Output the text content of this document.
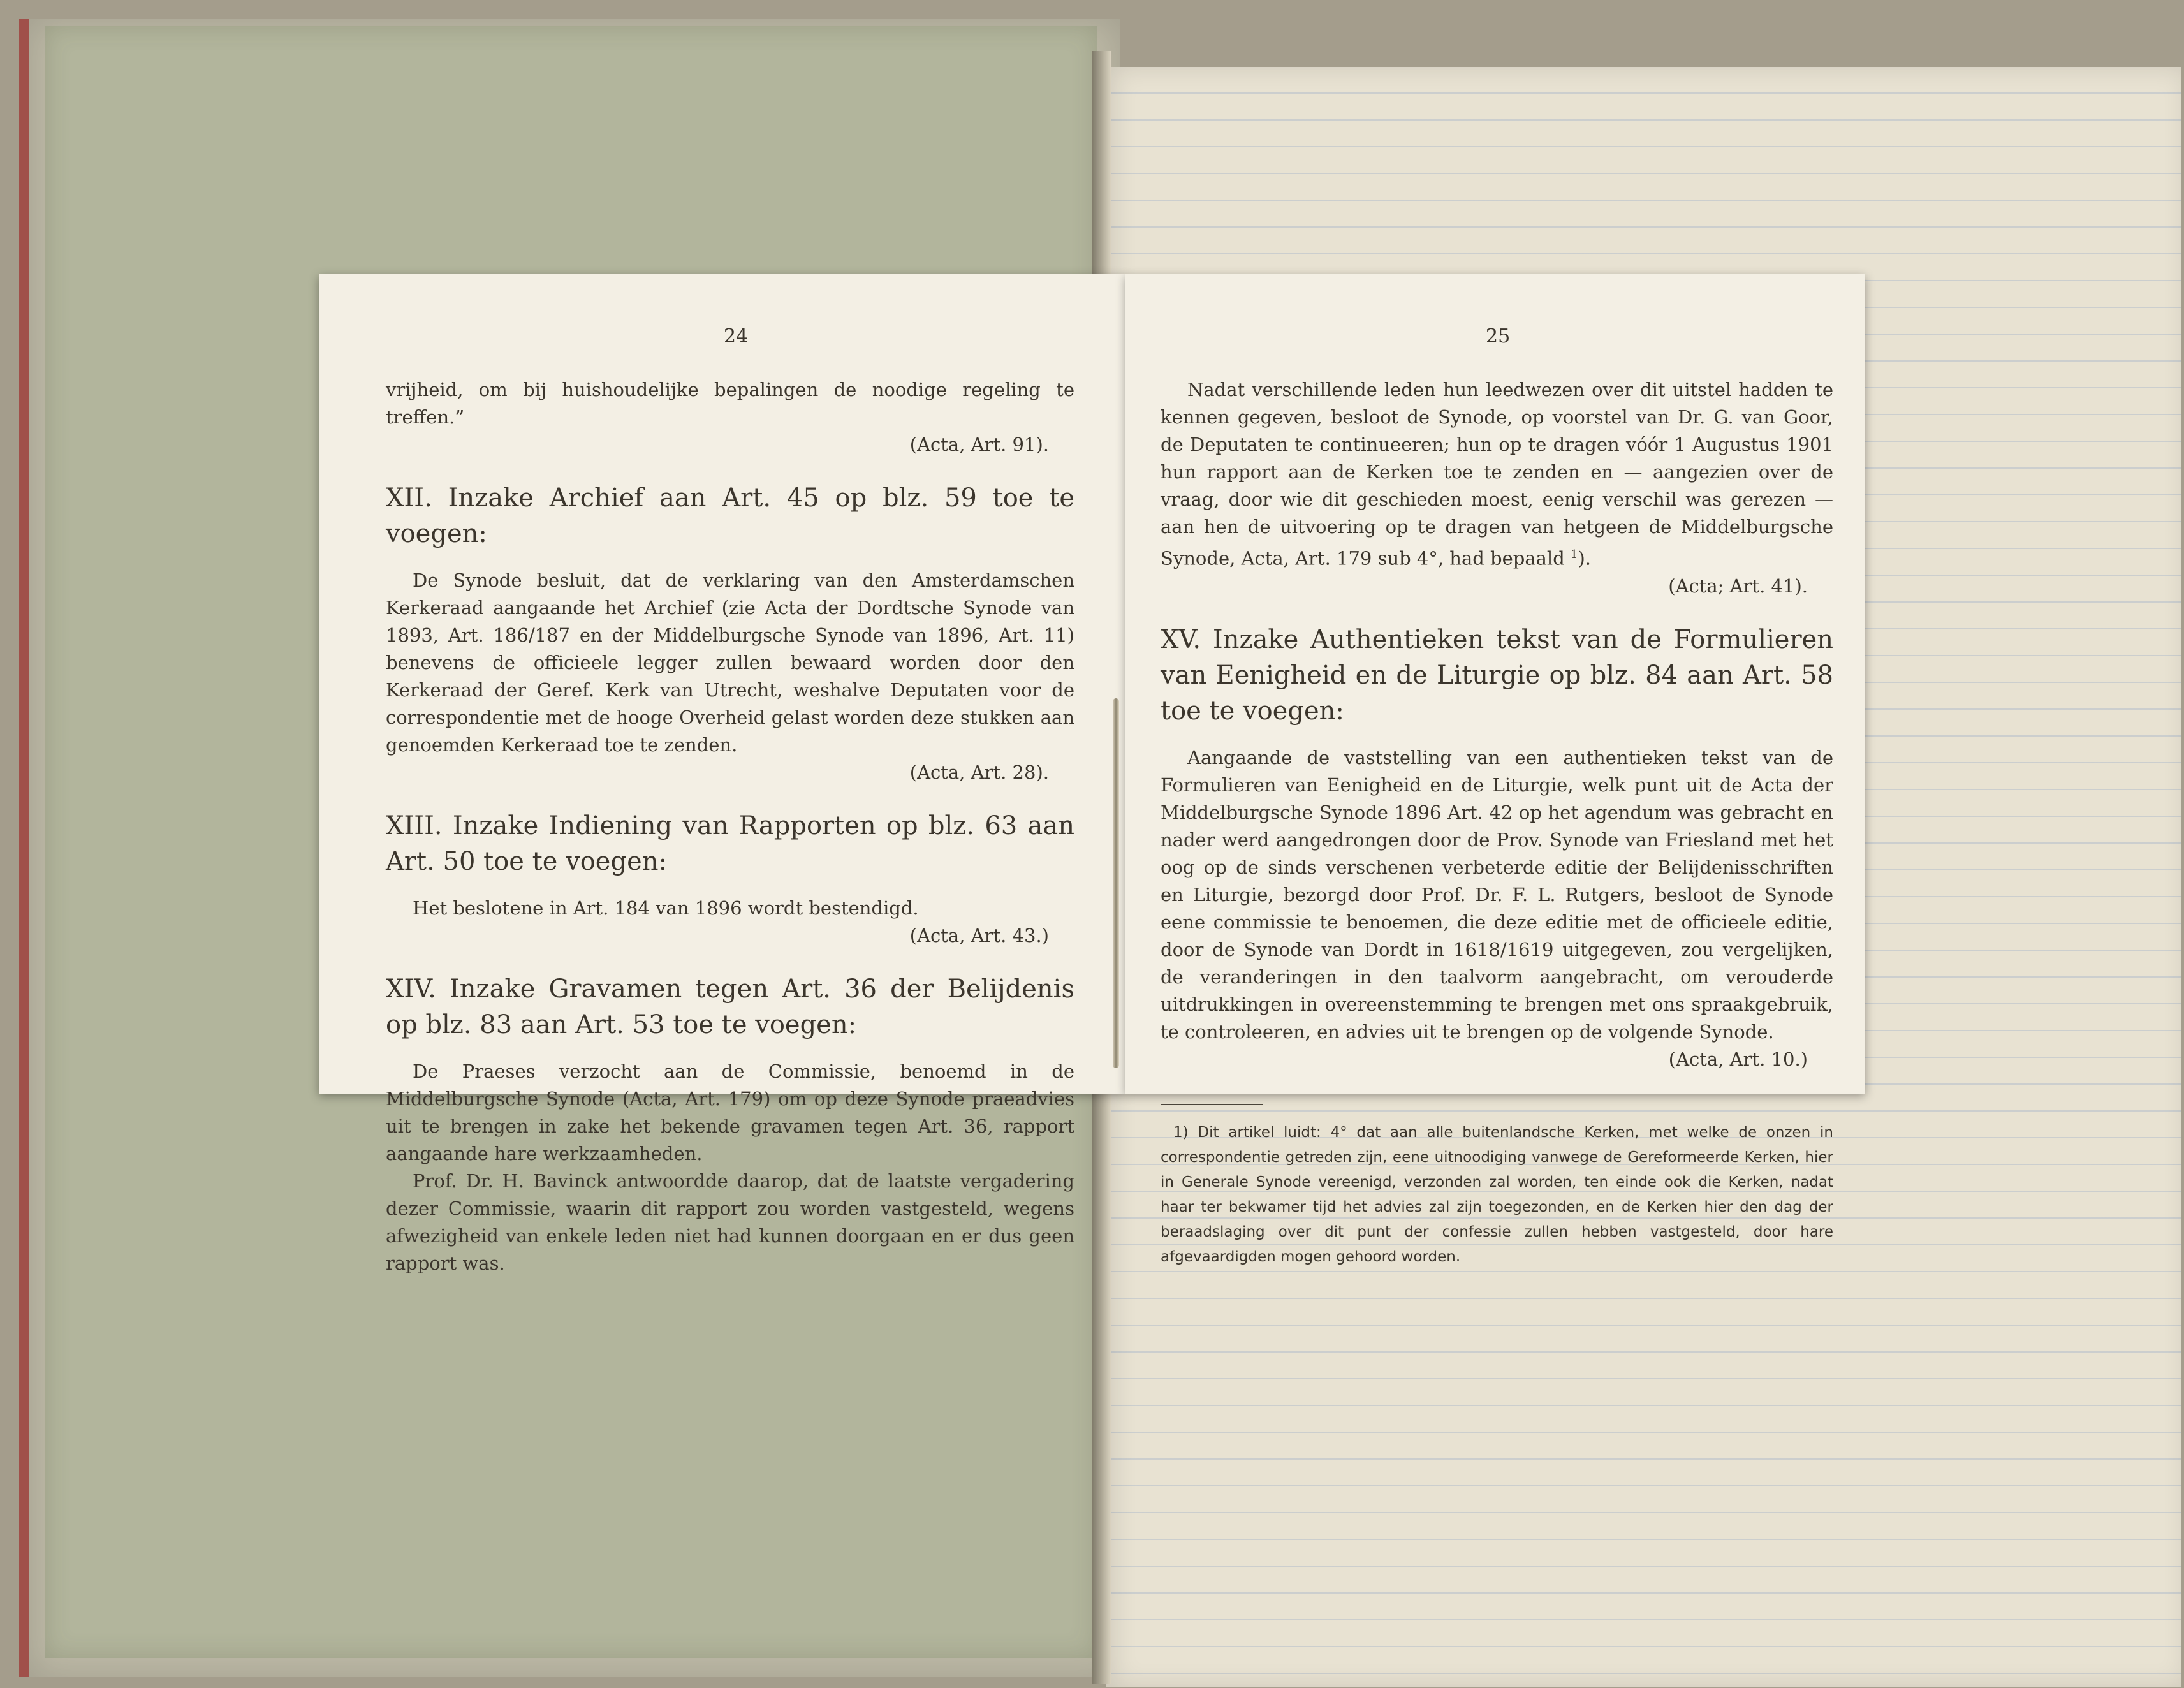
24

vrijheid, om bij huishoudelijke bepalingen de noodige regeling te treffen.”

(Acta, Art. 91).

XII. Inzake Archief aan Art. 45 op blz. 59 toe te voegen:

De Synode besluit, dat de verklaring van den Amsterdamschen Kerkeraad aangaande het Archief (zie Acta der Dordtsche Synode van 1893, Art. 186/187 en der Middelburgsche Synode van 1896, Art. 11) benevens de officieele legger zullen bewaard worden door den Kerkeraad der Geref. Kerk van Utrecht, weshalve Deputaten voor de correspondentie met de hooge Overheid gelast worden deze stukken aan genoemden Kerkeraad toe te zenden.

(Acta, Art. 28).

XIII. Inzake Indiening van Rapporten op blz. 63 aan Art. 50 toe te voegen:

Het beslotene in Art. 184 van 1896 wordt bestendigd.

(Acta, Art. 43.)

XIV. Inzake Gravamen tegen Art. 36 der Belijdenis op blz. 83 aan Art. 53 toe te voegen:

De Praeses verzocht aan de Commissie, benoemd in de Middelburgsche Synode (Acta, Art. 179) om op deze Synode praeadvies uit te brengen in zake het bekende gravamen tegen Art. 36, rapport aangaande hare werkzaamheden.

Prof. Dr. H. Bavinck antwoordde daarop, dat de laatste vergadering dezer Commissie, waarin dit rapport zou worden vastgesteld, wegens afwezigheid van enkele leden niet had kunnen doorgaan en er dus geen rapport was.

25

Nadat verschillende leden hun leedwezen over dit uitstel hadden te kennen gegeven, besloot de Synode, op voorstel van Dr. G. van Goor, de Deputaten te continueeren; hun op te dragen vóór 1 Augustus 1901 hun rapport aan de Kerken toe te zenden en — aangezien over de vraag, door wie dit geschieden moest, eenig verschil was gerezen — aan hen de uitvoering op te dragen van hetgeen de Middelburgsche Synode, Acta, Art. 179 sub 4°, had bepaald $^1$).

(Acta; Art. 41).

XV. Inzake Authentieken tekst van de Formulieren van Eenigheid en de Liturgie op blz. 84 aan Art. 58 toe te voegen:

Aangaande de vaststelling van een authentieken tekst van de Formulieren van Eenigheid en de Liturgie, welk punt uit de Acta der Middelburgsche Synode 1896 Art. 42 op het agendum was gebracht en nader werd aangedrongen door de Prov. Synode van Friesland met het oog op de sinds verschenen verbeterde editie der Belijdenisschriften en Liturgie, bezorgd door Prof. Dr. F. L. Rutgers, besloot de Synode eene commissie te benoemen, die deze editie met de officieele editie, door de Synode van Dordt in 1618/1619 uitgegeven, zou vergelijken, de veranderingen in den taalvorm aangebracht, om verouderde uitdrukkingen in overeenstemming te brengen met ons spraakgebruik, te controleeren, en advies uit te brengen op de volgende Synode.

(Acta, Art. 10.)

1) Dit artikel luidt: 4° dat aan alle buitenlandsche Kerken, met welke de onzen in correspondentie getreden zijn, eene uitnoodiging vanwege de Gereformeerde Kerken, hier in Generale Synode vereenigd, verzonden zal worden, ten einde ook die Kerken, nadat haar ter bekwamer tijd het advies zal zijn toegezonden, en de Kerken hier den dag der beraadslaging over dit punt der confessie zullen hebben vastgesteld, door hare afgevaardigden mogen gehoord worden.
